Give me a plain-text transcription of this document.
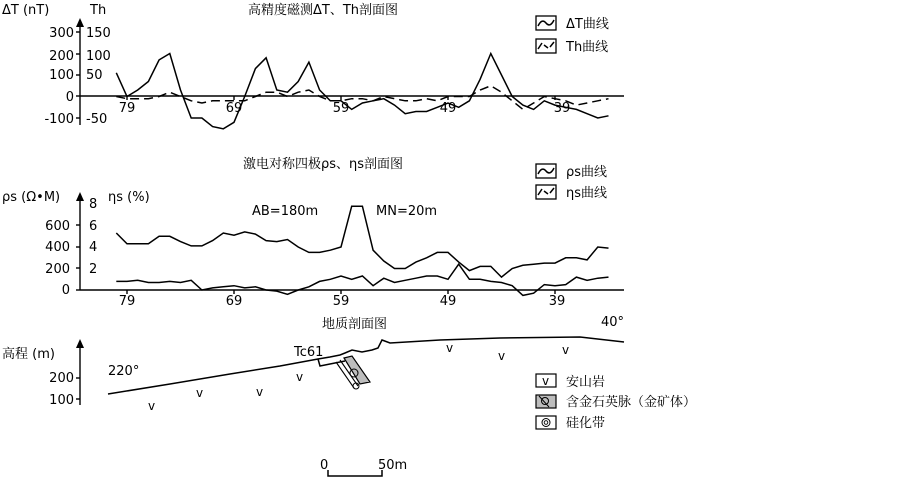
高精度磁测ΔT、Th剖面图
ΔT (nT)	Th
300
200
100
0
-100
150
100
50
-50
79	69	59	49	39
ΔT曲线
Th曲线
激电对称四极ρs、ηs剖面图
ρs (Ω•M)	ηs (%)
600
400
200
0
8
6
4
2
79	69	59	49	39
AB=180m	MN=20m
ρs曲线
ηs曲线
地质剖面图	40°
高程 (m)
200
100
220°
Tc61
v
v	v
v
v
v	v
v 安山岩
含金石英脉（金矿体）
硅化带
0	50m
